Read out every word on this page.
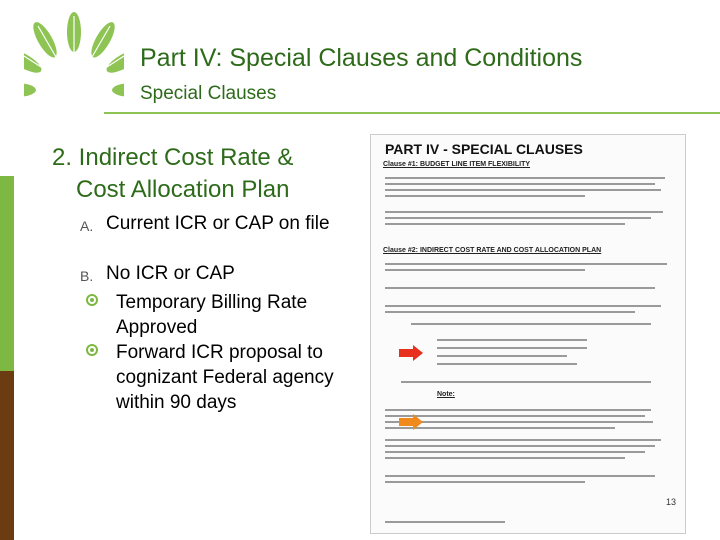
Part IV: Special Clauses and Conditions
Special Clauses
2. Indirect Cost Rate &
Cost Allocation Plan
A. Current ICR or CAP on file
B. No ICR or CAP
Temporary Billing Rate Approved
Forward ICR proposal to cognizant Federal agency within 90 days
PART IV - SPECIAL CLAUSES
Clause #1: BUDGET LINE ITEM FLEXIBILITY
Clause #2: INDIRECT COST RATE AND COST ALLOCATION PLAN
Note:
13
